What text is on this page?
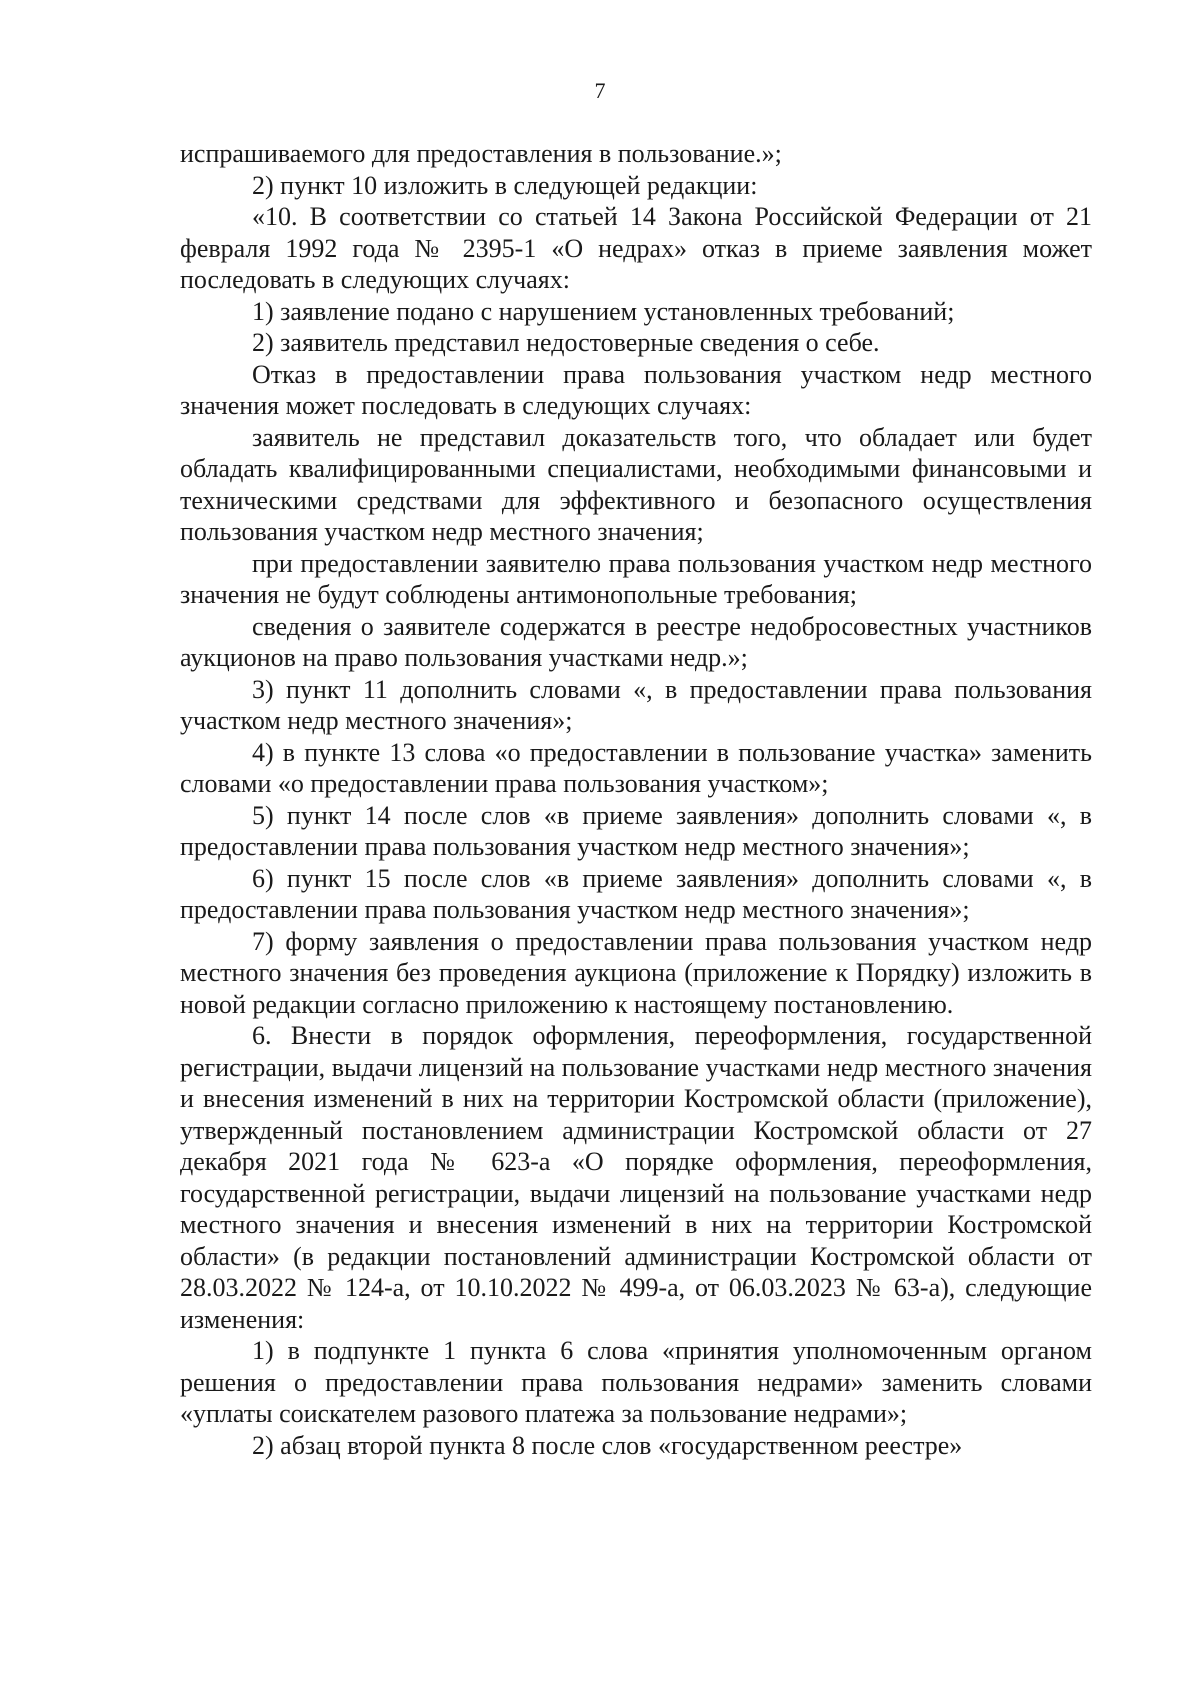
7

испрашиваемого для предоставления в пользование.»;

2) пункт 10 изложить в следующей редакции:

«10. В соответствии со статьей 14 Закона Российской Федерации от 21 февраля 1992 года № 2395-1 «О недрах» отказ в приеме заявления может последовать в следующих случаях:

1) заявление подано с нарушением установленных требований;

2) заявитель представил недостоверные сведения о себе.

Отказ в предоставлении права пользования участком недр местного значения может последовать в следующих случаях:

заявитель не представил доказательств того, что обладает или будет обладать квалифицированными специалистами, необходимыми финансовыми и техническими средствами для эффективного и безопасного осуществления пользования участком недр местного значения;

при предоставлении заявителю права пользования участком недр местного значения не будут соблюдены антимонопольные требования;

сведения о заявителе содержатся в реестре недобросовестных участников аукционов на право пользования участками недр.»;

3) пункт 11 дополнить словами «, в предоставлении права пользования участком недр местного значения»;

4) в пункте 13 слова «о предоставлении в пользование участка» заменить словами «о предоставлении права пользования участком»;

5) пункт 14 после слов «в приеме заявления» дополнить словами «, в предоставлении права пользования участком недр местного значения»;

6) пункт 15 после слов «в приеме заявления» дополнить словами «, в предоставлении права пользования участком недр местного значения»;

7) форму заявления о предоставлении права пользования участком недр местного значения без проведения аукциона (приложение к Порядку) изложить в новой редакции согласно приложению к настоящему постановлению.

6. Внести в порядок оформления, переоформления, государственной регистрации, выдачи лицензий на пользование участками недр местного значения и внесения изменений в них на территории Костромской области (приложение), утвержденный постановлением администрации Костромской области от 27 декабря 2021 года № 623-а «О порядке оформления, переоформления, государственной регистрации, выдачи лицензий на пользование участками недр местного значения и внесения изменений в них на территории Костромской области» (в редакции постановлений администрации Костромской области от 28.03.2022 № 124-а, от 10.10.2022 № 499-а, от 06.03.2023 № 63-а), следующие изменения:

1) в подпункте 1 пункта 6 слова «принятия уполномоченным органом решения о предоставлении права пользования недрами» заменить словами «уплаты соискателем разового платежа за пользование недрами»;

2) абзац второй пункта 8 после слов «государственном реестре»
